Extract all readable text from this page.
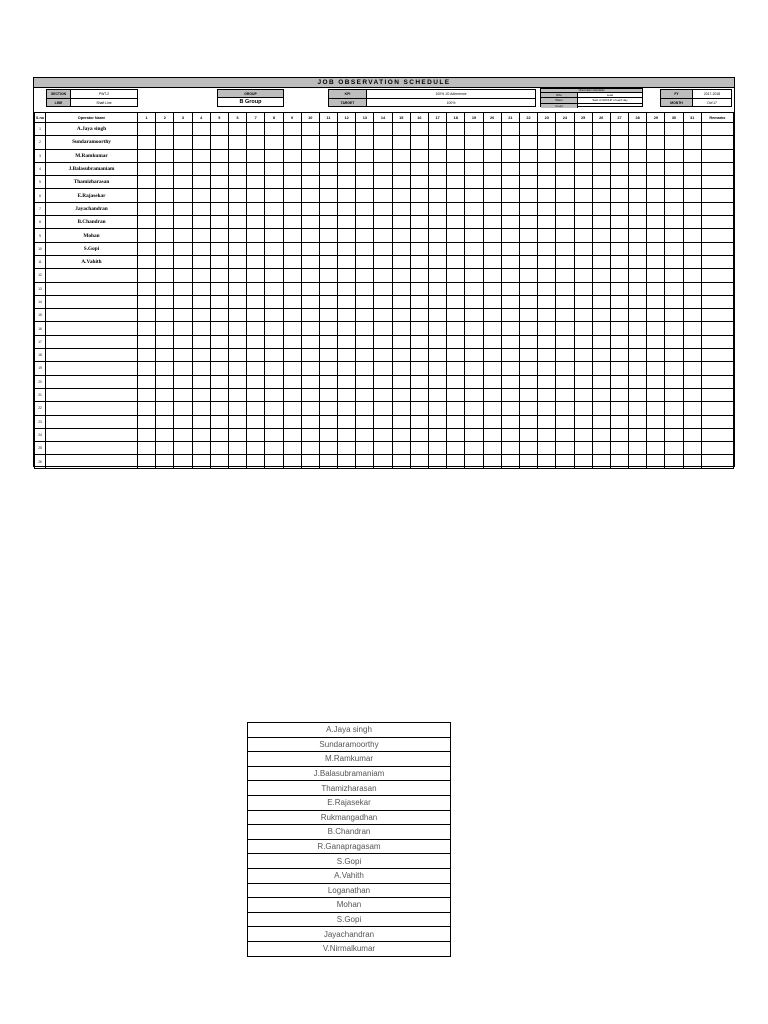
JOB OBSERVATION SCHEDULE
SECTION	PWT-2
LINE	Shaft Line
GROUP
B Group
KPI	100% JO Adherence
TARGET	100%
Observation standards
Who	Lead
When	Start of GROUP of each day
Count
FY	2017-2018
MONTH	Oct'17
S.no	Operator Name	1	2	3	4	5	6	7	8	9	10	11	12	13	14	15	16	17	18	19	20	21	22	23	24	25	26	27	28	29	30	31	Remarks
1	A.Jaya singh																																
2	Sundaramoorthy																																
3	M.Ramkumar																																
4	J.Balasubramaniam																																
5	Thamizharasan																																
6	E.Rajasekar																																
7	Jayachandran																																
8	B.Chandran																																
9	Mohan																																
10	S.Gopi																																
11	A.Vahith																																
12																																	
13																																	
14																																	
15																																	
16																																	
17																																	
18																																	
19																																	
20																																	
21																																	
22																																	
23																																	
24																																	
25																																	
26																																	
A.Jaya singh
Sundaramoorthy
M.Ramkumar
J.Balasubramaniam
Thamizharasan
E.Rajasekar
Rukmangadhan
B.Chandran
R.Ganapragasam
S.Gopi
A.Vahith
Loganathan
Mohan
S.Gopi
Jayachandran
V.Nirmalkumar
